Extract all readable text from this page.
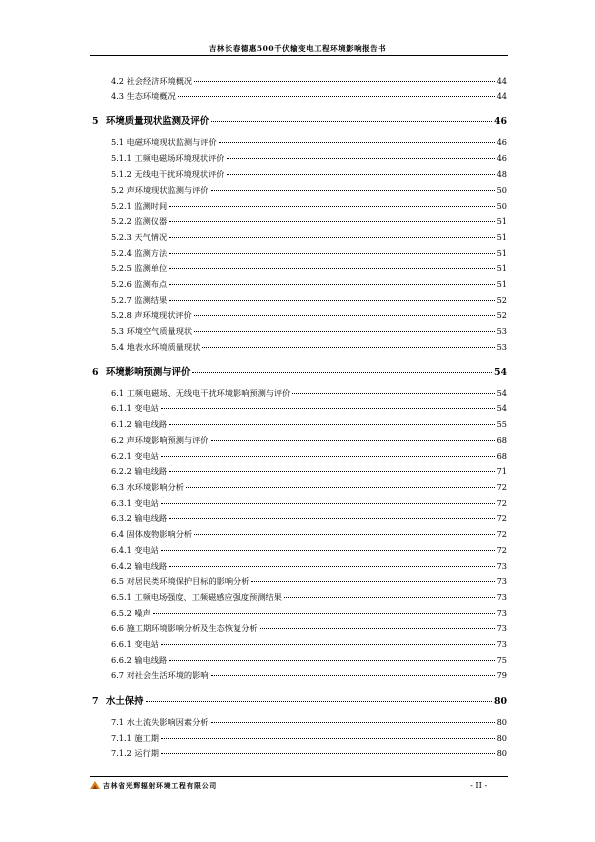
吉林长春德惠500千伏输变电工程环境影响报告书
4.2 社会经济环境概况	44
4.3 生态环境概况	44
5 环境质量现状监测及评价	46
5.1 电磁环境现状监测与评价	46
5.1.1 工频电磁场环境现状评价	46
5.1.2 无线电干扰环境现状评价	48
5.2 声环境现状监测与评价	50
5.2.1 监测时间	50
5.2.2 监测仪器	51
5.2.3 天气情况	51
5.2.4 监测方法	51
5.2.5 监测单位	51
5.2.6 监测布点	51
5.2.7 监测结果	52
5.2.8 声环境现状评价	52
5.3 环境空气质量现状	53
5.4 地表水环境质量现状	53
6 环境影响预测与评价	54
6.1 工频电磁场、无线电干扰环境影响预测与评价	54
6.1.1 变电站	54
6.1.2 输电线路	55
6.2 声环境影响预测与评价	68
6.2.1 变电站	68
6.2.2 输电线路	71
6.3 水环境影响分析	72
6.3.1 变电站	72
6.3.2 输电线路	72
6.4 固体废物影响分析	72
6.4.1 变电站	72
6.4.2 输电线路	73
6.5 对居民类环境保护目标的影响分析	73
6.5.1 工频电场强度、工频磁感应强度预测结果	73
6.5.2 噪声	73
6.6 施工期环境影响分析及生态恢复分析	73
6.6.1 变电站	73
6.6.2 输电线路	75
6.7 对社会生活环境的影响	79
7 水土保持	80
7.1 水土流失影响因素分析	80
7.1.1 施工期	80
7.1.2 运行期	80
吉林省光辉辐射环境工程有限公司	- II -
